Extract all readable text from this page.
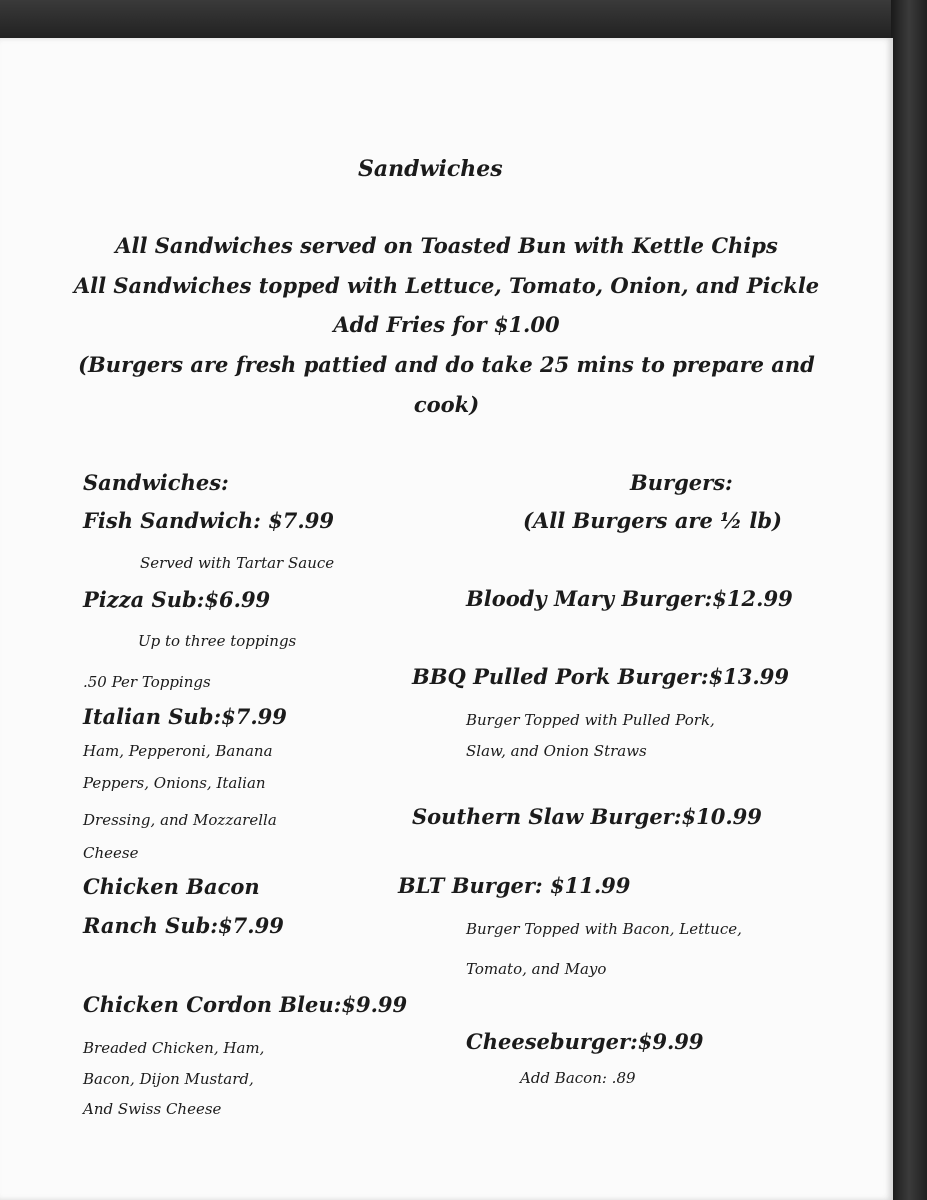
Sandwiches

All Sandwiches served on Toasted Bun with Kettle Chips

All Sandwiches topped with Lettuce, Tomato, Onion, and Pickle

Add Fries for $1.00

(Burgers are fresh pattied and do take 25 mins to prepare and

cook)

Sandwiches:

Fish Sandwich: $7.99

Served with Tartar Sauce

Pizza Sub:$6.99

Up to three toppings

.50 Per Toppings

Italian Sub:$7.99

Ham, Pepperoni, Banana

Peppers, Onions, Italian

Dressing, and Mozzarella

Cheese

Chicken Bacon

Ranch Sub:$7.99

Chicken Cordon Bleu:$9.99

Breaded Chicken, Ham,

Bacon, Dijon Mustard,

And Swiss Cheese

Burgers:

(All Burgers are ½ lb)

Bloody Mary Burger:$12.99

BBQ Pulled Pork Burger:$13.99

Burger Topped with Pulled Pork,

Slaw, and Onion Straws

Southern Slaw Burger:$10.99

BLT Burger: $11.99

Burger Topped with Bacon, Lettuce,

Tomato, and Mayo

Cheeseburger:$9.99

Add Bacon: .89
